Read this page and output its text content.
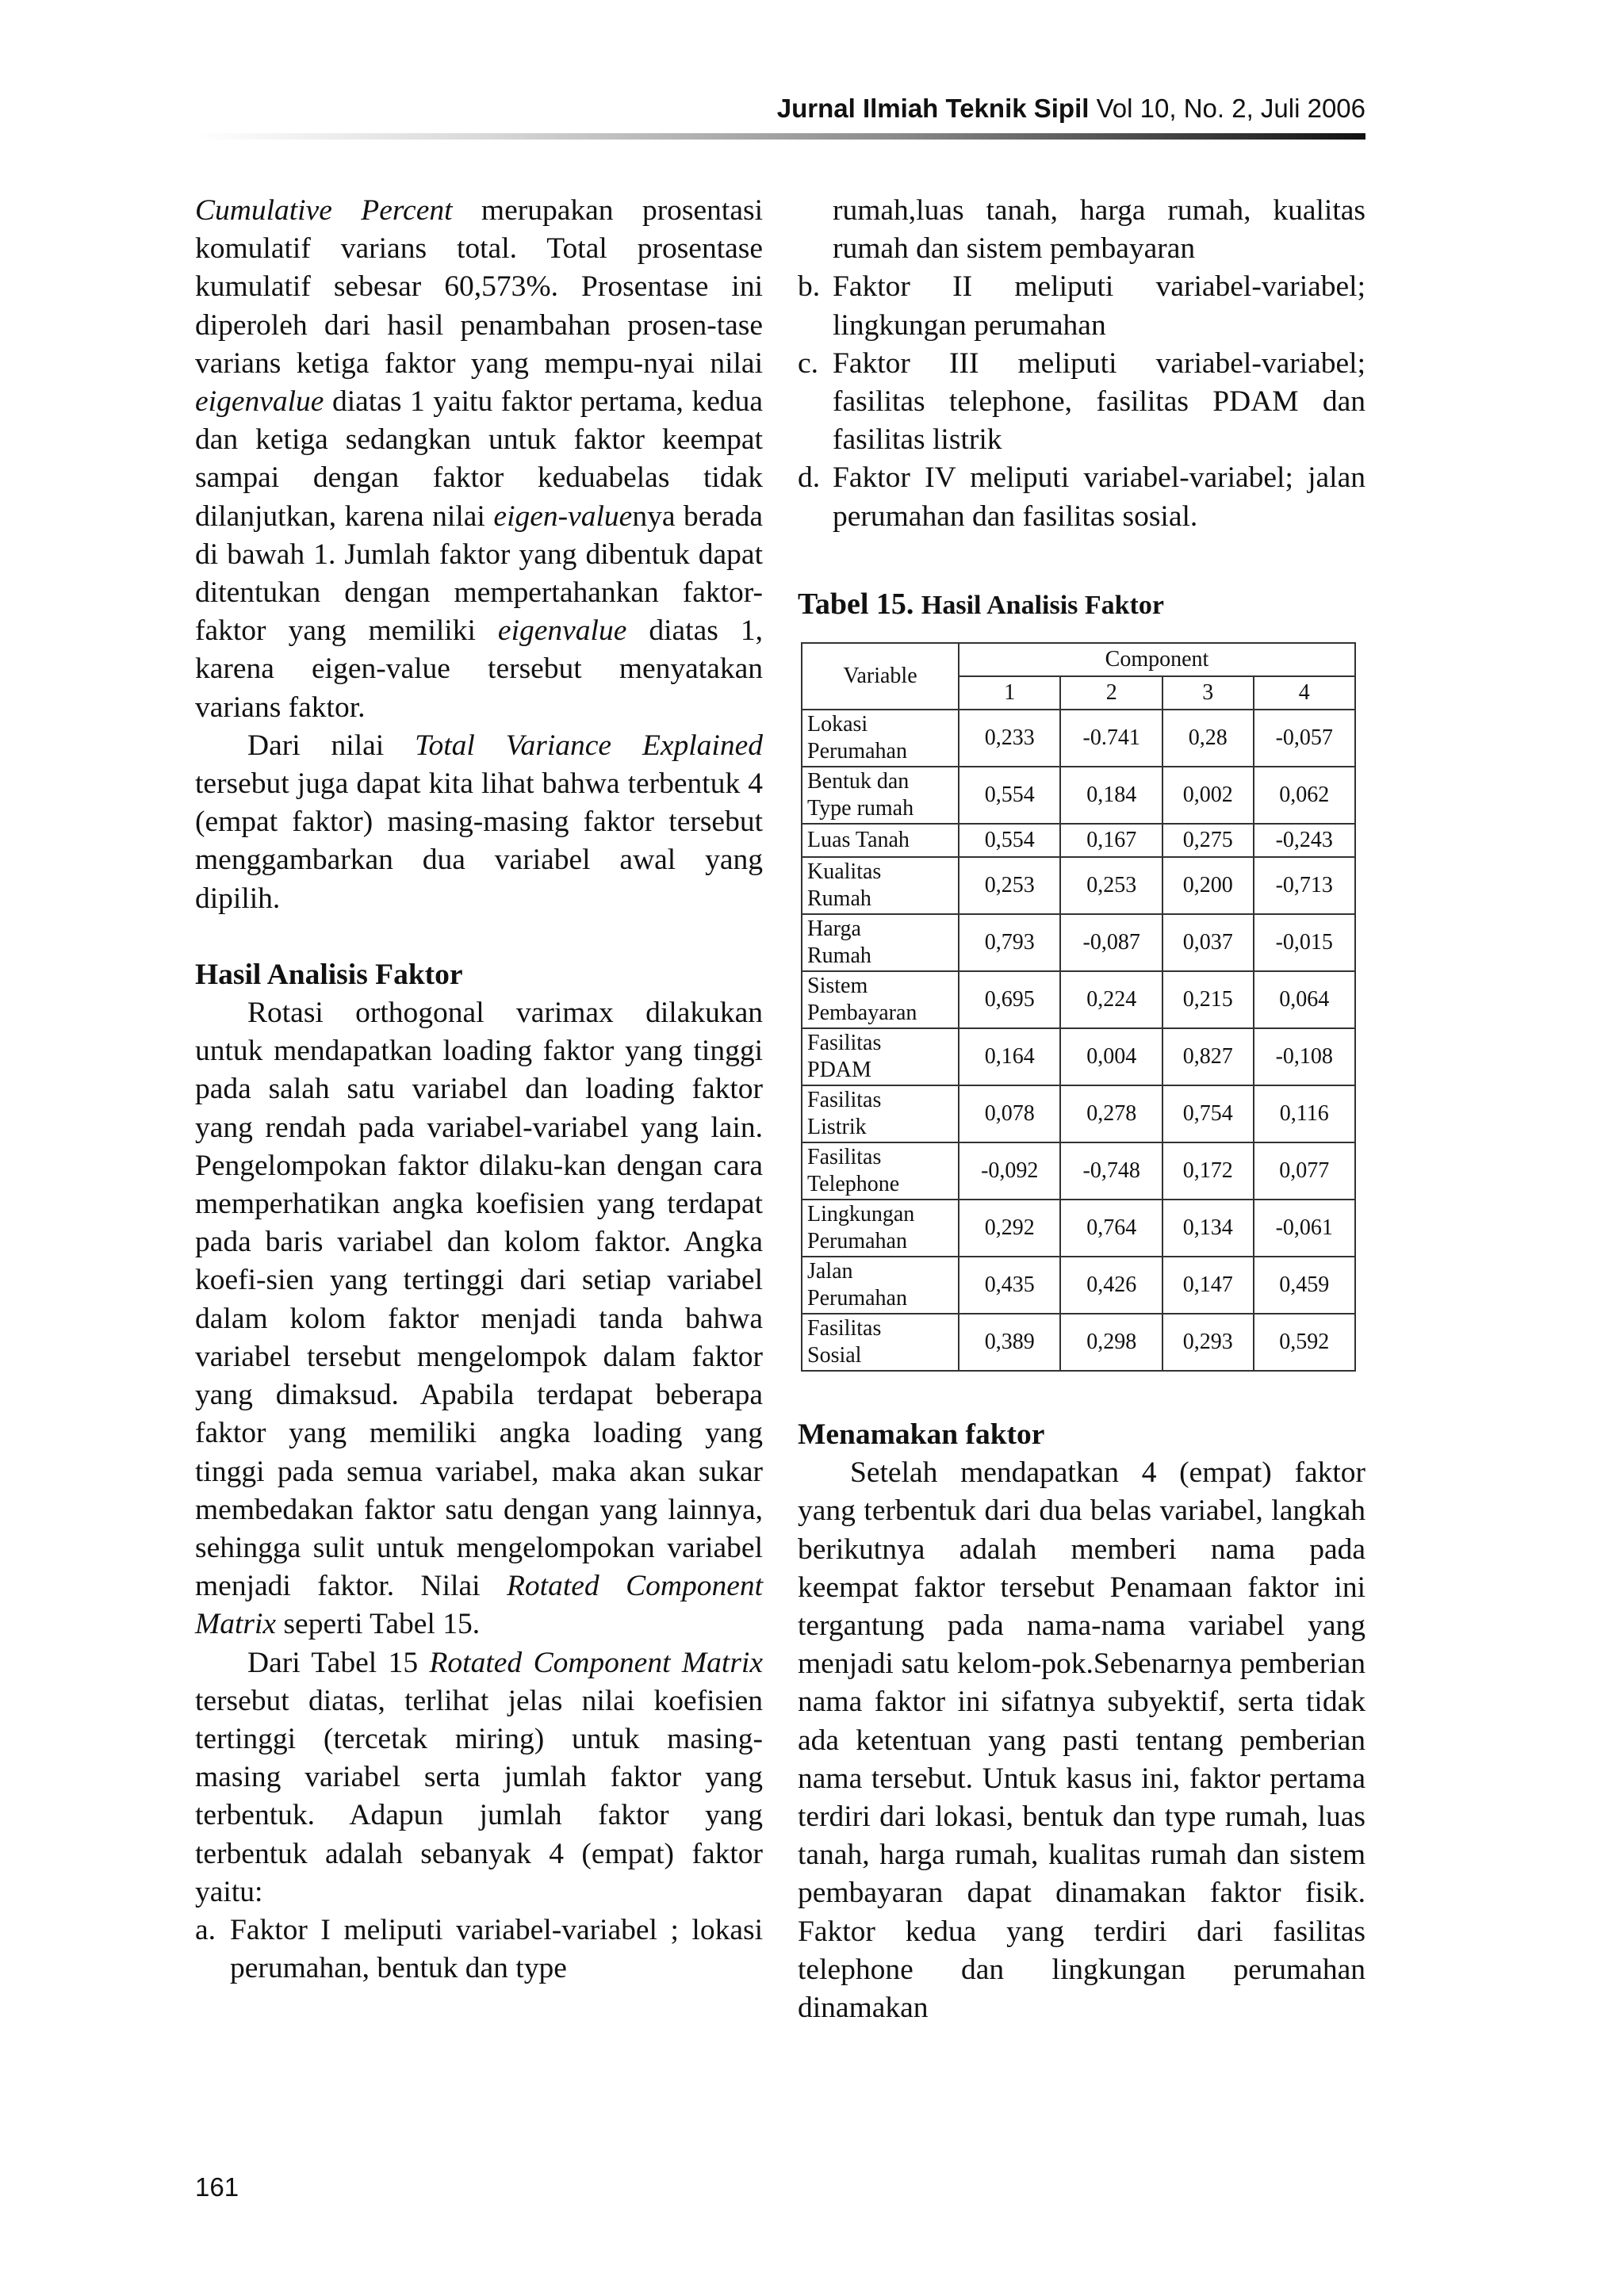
Jurnal Ilmiah Teknik Sipil Vol 10, No. 2, Juli 2006

Cumulative Percent merupakan prosentasi komulatif varians total. Total prosentase kumulatif sebesar 60,573%. Prosentase ini diperoleh dari hasil penambahan prosen-tase varians ketiga faktor yang mempu-nyai nilai eigenvalue diatas 1 yaitu faktor pertama, kedua dan ketiga sedangkan untuk faktor keempat sampai dengan faktor keduabelas tidak dilanjutkan, karena nilai eigen-valuenya berada di bawah 1. Jumlah faktor yang dibentuk dapat ditentukan dengan mempertahankan faktor-faktor yang memiliki eigenvalue diatas 1, karena eigen-value tersebut menyatakan varians faktor.

Dari nilai Total Variance Explained tersebut juga dapat kita lihat bahwa terbentuk 4 (empat faktor) masing-masing faktor tersebut menggambarkan dua variabel awal yang dipilih.

Hasil Analisis Faktor

Rotasi orthogonal varimax dilakukan untuk mendapatkan loading faktor yang tinggi pada salah satu variabel dan loading faktor yang rendah pada variabel-variabel yang lain. Pengelompokan faktor dilaku-kan dengan cara memperhatikan angka koefisien yang terdapat pada baris variabel dan kolom faktor. Angka koefi-sien yang tertinggi dari setiap variabel dalam kolom faktor menjadi tanda bahwa variabel tersebut mengelompok dalam faktor yang dimaksud. Apabila terdapat beberapa faktor yang memiliki angka loading yang tinggi pada semua variabel, maka akan sukar membedakan faktor satu dengan yang lainnya, sehingga sulit untuk mengelompokan variabel menjadi faktor. Nilai Rotated Component Matrix seperti Tabel 15.

Dari Tabel 15 Rotated Component Matrix tersebut diatas, terlihat jelas nilai koefisien tertinggi (tercetak miring) untuk masing-masing variabel serta jumlah faktor yang terbentuk. Adapun jumlah faktor yang terbentuk adalah sebanyak 4 (empat) faktor yaitu:

a. Faktor I meliputi variabel-variabel ; lokasi perumahan, bentuk dan type
rumah,luas tanah, harga rumah, kualitas rumah dan sistem pembayaran
b. Faktor II meliputi variabel-variabel; lingkungan perumahan
c. Faktor III meliputi variabel-variabel; fasilitas telephone, fasilitas PDAM dan fasilitas listrik
d. Faktor IV meliputi variabel-variabel; jalan perumahan dan fasilitas sosial.

Tabel 15. Hasil Analisis Faktor

Variable	Component			
	1	2	3	4

Lokasi
Perumahan	0,233	-0.741	0,28	-0,057

Bentuk dan
Type rumah	0,554	0,184	0,002	0,062

Luas Tanah	0,554	0,167	0,275	-0,243

Kualitas
Rumah	0,253	0,253	0,200	-0,713

Harga
Rumah	0,793	-0,087	0,037	-0,015

Sistem
Pembayaran	0,695	0,224	0,215	0,064

Fasilitas
PDAM	0,164	0,004	0,827	-0,108

Fasilitas
Listrik	0,078	0,278	0,754	0,116

Fasilitas
Telephone	-0,092	-0,748	0,172	0,077

Lingkungan
Perumahan	0,292	0,764	0,134	-0,061

Jalan
Perumahan	0,435	0,426	0,147	0,459

Fasilitas
Sosial	0,389	0,298	0,293	0,592

Menamakan faktor

Setelah mendapatkan 4 (empat) faktor yang terbentuk dari dua belas variabel, langkah berikutnya adalah memberi nama pada keempat faktor tersebut Penamaan faktor ini tergantung pada nama-nama variabel yang menjadi satu kelom-pok.Sebenarnya pemberian nama faktor ini sifatnya subyektif, serta tidak ada ketentuan yang pasti tentang pemberian nama tersebut. Untuk kasus ini, faktor pertama terdiri dari lokasi, bentuk dan type rumah, luas tanah, harga rumah, kualitas rumah dan sistem pembayaran dapat dinamakan faktor fisik. Faktor kedua yang terdiri dari fasilitas telephone dan lingkungan perumahan dinamakan

161
